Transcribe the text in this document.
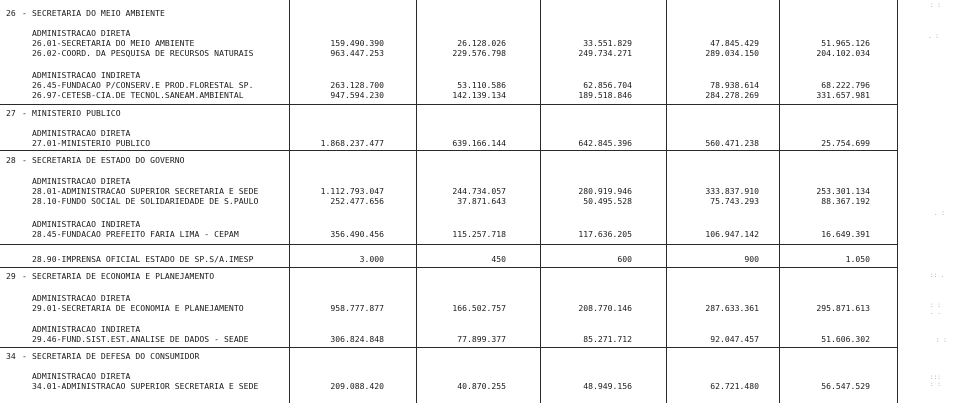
: :
. :
. :
:: .
: :
. .
: :
:::
: :
26 - SECRETARIA DO MEIO AMBIENTE
ADMINISTRACAO DIRETA
26.01-SECRETARIA DO MEIO AMBIENTE	159.490.390	26.128.026	33.551.829	47.845.429	51.965.126
26.02-COORD. DA PESQUISA DE RECURSOS NATURAIS	963.447.253	229.576.798	249.734.271	289.034.150	204.102.034
ADMINISTRACAO INDIRETA
26.45-FUNDACAO P/CONSERV.E PROD.FLORESTAL SP.	263.128.700	53.110.586	62.856.704	78.938.614	68.222.796
26.97-CETESB-CIA.DE TECNOL.SANEAM.AMBIENTAL	947.594.230	142.139.134	189.518.846	284.278.269	331.657.981
27 - MINISTERIO PUBLICO
ADMINISTRACAO DIRETA
27.01-MINISTERIO PUBLICO	1.868.237.477	639.166.144	642.845.396	560.471.238	25.754.699
28 - SECRETARIA DE ESTADO DO GOVERNO
ADMINISTRACAO DIRETA
28.01-ADMINISTRACAO SUPERIOR SECRETARIA E SEDE	1.112.793.047	244.734.057	280.919.946	333.837.910	253.301.134
28.10-FUNDO SOCIAL DE SOLIDARIEDADE DE S.PAULO	252.477.656	37.871.643	50.495.528	75.743.293	88.367.192
ADMINISTRACAO INDIRETA
28.45-FUNDACAO PREFEITO FARIA LIMA - CEPAM	356.490.456	115.257.718	117.636.205	106.947.142	16.649.391
28.90-IMPRENSA OFICIAL ESTADO DE SP.S/A.IMESP	3.000	450	600	900	1.050
29 - SECRETARIA DE ECONOMIA E PLANEJAMENTO
ADMINISTRACAO DIRETA
29.01-SECRETARIA DE ECONOMIA E PLANEJAMENTO	958.777.877	166.502.757	208.770.146	287.633.361	295.871.613
ADMINISTRACAO INDIRETA
29.46-FUND.SIST.EST.ANALISE DE DADOS - SEADE	306.824.848	77.899.377	85.271.712	92.047.457	51.606.302
34 - SECRETARIA DE DEFESA DO CONSUMIDOR
ADMINISTRACAO DIRETA
34.01-ADMINISTRACAO SUPERIOR SECRETARIA E SEDE	209.088.420	40.870.255	48.949.156	62.721.480	56.547.529
